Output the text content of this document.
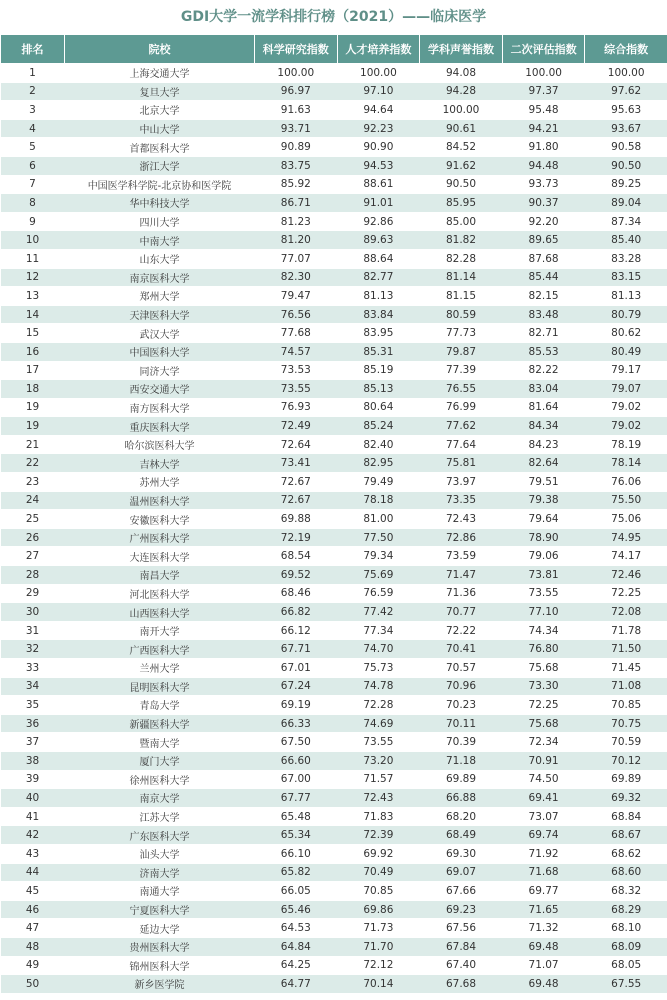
GDI大学一流学科排行榜（2021）——临床医学
排名	院校	科学研究指数	人才培养指数	学科声誉指数	二次评估指数	综合指数
1	上海交通大学	100.00	100.00	94.08	100.00	100.00
2	复旦大学	96.97	97.10	94.28	97.37	97.62
3	北京大学	91.63	94.64	100.00	95.48	95.63
4	中山大学	93.71	92.23	90.61	94.21	93.67
5	首都医科大学	90.89	90.90	84.52	91.80	90.58
6	浙江大学	83.75	94.53	91.62	94.48	90.50
7	中国医学科学院-北京协和医学院	85.92	88.61	90.50	93.73	89.25
8	华中科技大学	86.71	91.01	85.95	90.37	89.04
9	四川大学	81.23	92.86	85.00	92.20	87.34
10	中南大学	81.20	89.63	81.82	89.65	85.40
11	山东大学	77.07	88.64	82.28	87.68	83.28
12	南京医科大学	82.30	82.77	81.14	85.44	83.15
13	郑州大学	79.47	81.13	81.15	82.15	81.13
14	天津医科大学	76.56	83.84	80.59	83.48	80.79
15	武汉大学	77.68	83.95	77.73	82.71	80.62
16	中国医科大学	74.57	85.31	79.87	85.53	80.49
17	同济大学	73.53	85.19	77.39	82.22	79.17
18	西安交通大学	73.55	85.13	76.55	83.04	79.07
19	南方医科大学	76.93	80.64	76.99	81.64	79.02
19	重庆医科大学	72.49	85.24	77.62	84.34	79.02
21	哈尔滨医科大学	72.64	82.40	77.64	84.23	78.19
22	吉林大学	73.41	82.95	75.81	82.64	78.14
23	苏州大学	72.67	79.49	73.97	79.51	76.06
24	温州医科大学	72.67	78.18	73.35	79.38	75.50
25	安徽医科大学	69.88	81.00	72.43	79.64	75.06
26	广州医科大学	72.19	77.50	72.86	78.90	74.95
27	大连医科大学	68.54	79.34	73.59	79.06	74.17
28	南昌大学	69.52	75.69	71.47	73.81	72.46
29	河北医科大学	68.46	76.59	71.36	73.55	72.25
30	山西医科大学	66.82	77.42	70.77	77.10	72.08
31	南开大学	66.12	77.34	72.22	74.34	71.78
32	广西医科大学	67.71	74.70	70.41	76.80	71.50
33	兰州大学	67.01	75.73	70.57	75.68	71.45
34	昆明医科大学	67.24	74.78	70.96	73.30	71.08
35	青岛大学	69.19	72.28	70.23	72.25	70.85
36	新疆医科大学	66.33	74.69	70.11	75.68	70.75
37	暨南大学	67.50	73.55	70.39	72.34	70.59
38	厦门大学	66.60	73.20	71.18	70.91	70.12
39	徐州医科大学	67.00	71.57	69.89	74.50	69.89
40	南京大学	67.77	72.43	66.88	69.41	69.32
41	江苏大学	65.48	71.83	68.20	73.07	68.84
42	广东医科大学	65.34	72.39	68.49	69.74	68.67
43	汕头大学	66.10	69.92	69.30	71.92	68.62
44	济南大学	65.82	70.49	69.07	71.68	68.60
45	南通大学	66.05	70.85	67.66	69.77	68.32
46	宁夏医科大学	65.46	69.86	69.23	71.65	68.29
47	延边大学	64.53	71.73	67.56	71.32	68.10
48	贵州医科大学	64.84	71.70	67.84	69.48	68.09
49	锦州医科大学	64.25	72.12	67.40	71.07	68.05
50	新乡医学院	64.77	70.14	67.68	69.48	67.55
